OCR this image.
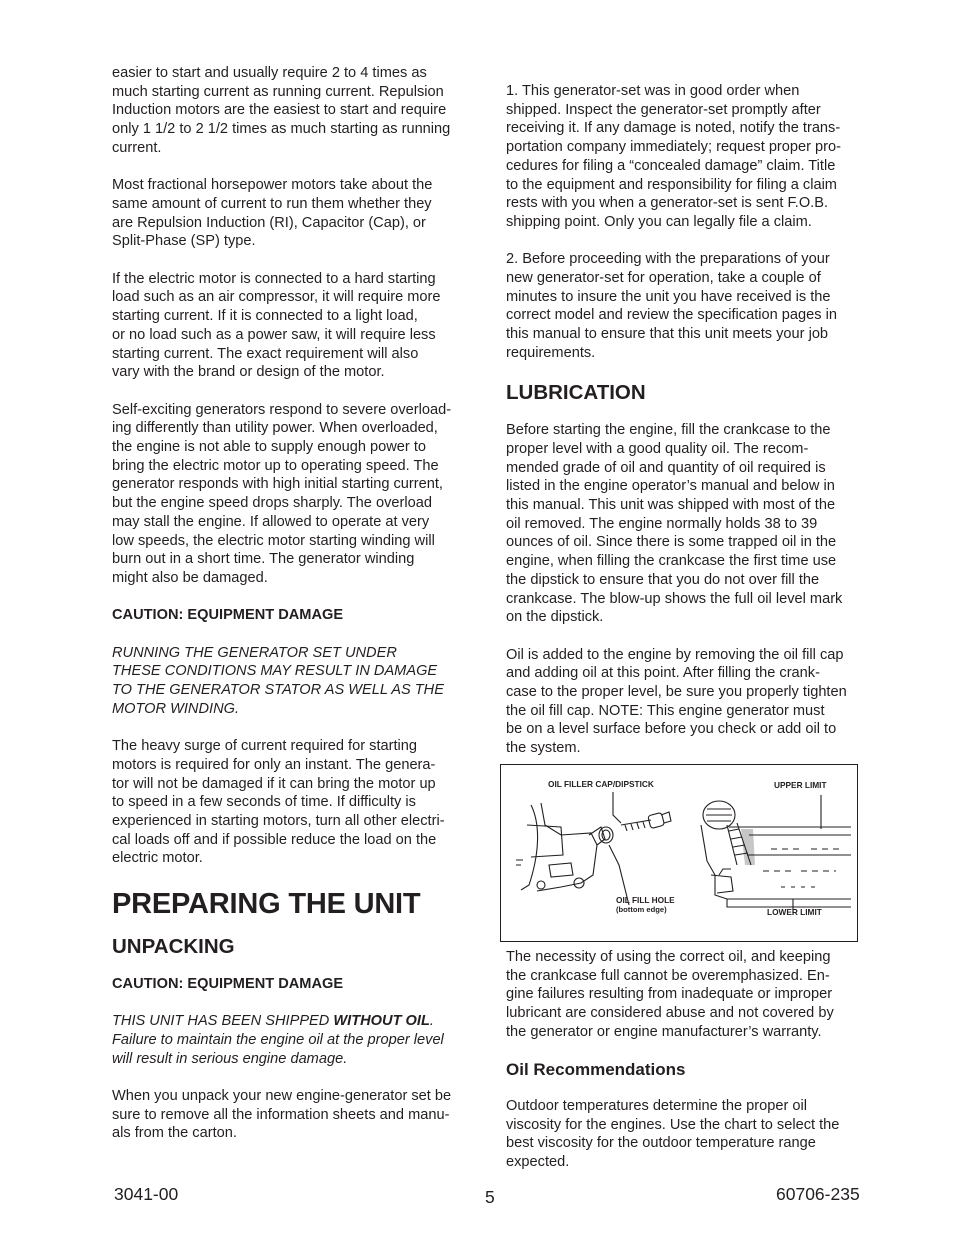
easier to start and usually require 2 to 4 times as
much starting current as running current. Repulsion
Induction motors are the easiest to start and require
only 1 1/2 to 2 1/2 times as much starting as running
current.

Most fractional horsepower motors take about the
same amount of current to run them whether they
are Repulsion Induction (RI), Capacitor (Cap), or
Split-Phase (SP) type.

If the electric motor is connected to a hard starting
load such as an air compressor, it will require more
starting current. If it is connected to a light load,
or no load such as a power saw, it will require less
starting current. The exact requirement will also
vary with the brand or design of the motor.

Self-exciting generators respond to severe overload-
ing differently than utility power. When overloaded,
the engine is not able to supply enough power to
bring the electric motor up to operating speed. The
generator responds with high initial starting current,
but the engine speed drops sharply. The overload
may stall the engine. If allowed to operate at very
low speeds, the electric motor starting winding will
burn out in a short time. The generator winding
might also be damaged.

CAUTION: EQUIPMENT DAMAGE

RUNNING THE GENERATOR SET UNDER
THESE CONDITIONS MAY RESULT IN DAMAGE
TO THE GENERATOR STATOR AS WELL AS THE
MOTOR WINDING.

The heavy surge of current required for starting
motors is required for only an instant. The genera-
tor will not be damaged if it can bring the motor up
to speed in a few seconds of time. If difficulty is
experienced in starting motors, turn all other electri-
cal loads off and if possible reduce the load on the
electric motor.

PREPARING THE UNIT
UNPACKING

CAUTION: EQUIPMENT DAMAGE

THIS UNIT HAS BEEN SHIPPED WITHOUT OIL.
Failure to maintain the engine oil at the proper level
will result in serious engine damage.

When you unpack your new engine-generator set be
sure to remove all the information sheets and manu-
als from the carton.

1. This generator-set was in good order when
shipped. Inspect the generator-set promptly after
receiving it. If any damage is noted, notify the trans-
portation company immediately; request proper pro-
cedures for filing a “concealed damage” claim. Title
to the equipment and responsibility for filing a claim
rests with you when a generator-set is sent F.O.B.
shipping point. Only you can legally file a claim.

2. Before proceeding with the preparations of your
new generator-set for operation, take a couple of
minutes to insure the unit you have received is the
correct model and review the specification pages in
this manual to ensure that this unit meets your job
requirements.

LUBRICATION

Before starting the engine, fill the crankcase to the
proper level with a good quality oil. The recom-
mended grade of oil and quantity of oil required is
listed in the engine operator’s manual and below in
this manual. This unit was shipped with most of the
oil removed. The engine normally holds 38 to 39
ounces of oil. Since there is some trapped oil in the
engine, when filling the crankcase the first time use
the dipstick to ensure that you do not over fill the
crankcase. The blow-up shows the full oil level mark
on the dipstick.

Oil is added to the engine by removing the oil fill cap
and adding oil at this point. After filling the crank-
case to the proper level, be sure you properly tighten
the oil fill cap. NOTE: This engine generator must
be on a level surface before you check or add oil to
the system.

OIL FILLER CAP/DIPSTICK	UPPER LIMIT
OIL FILL HOLE
(bottom edge)	LOWER LIMIT

The necessity of using the correct oil, and keeping
the crankcase full cannot be overemphasized. En-
gine failures resulting from inadequate or improper
lubricant are considered abuse and not covered by
the generator or engine manufacturer’s warranty.

Oil Recommendations

Outdoor temperatures determine the proper oil
viscosity for the engines. Use the chart to select the
best viscosity for the outdoor temperature range
expected.

3041-00	5	60706-235
